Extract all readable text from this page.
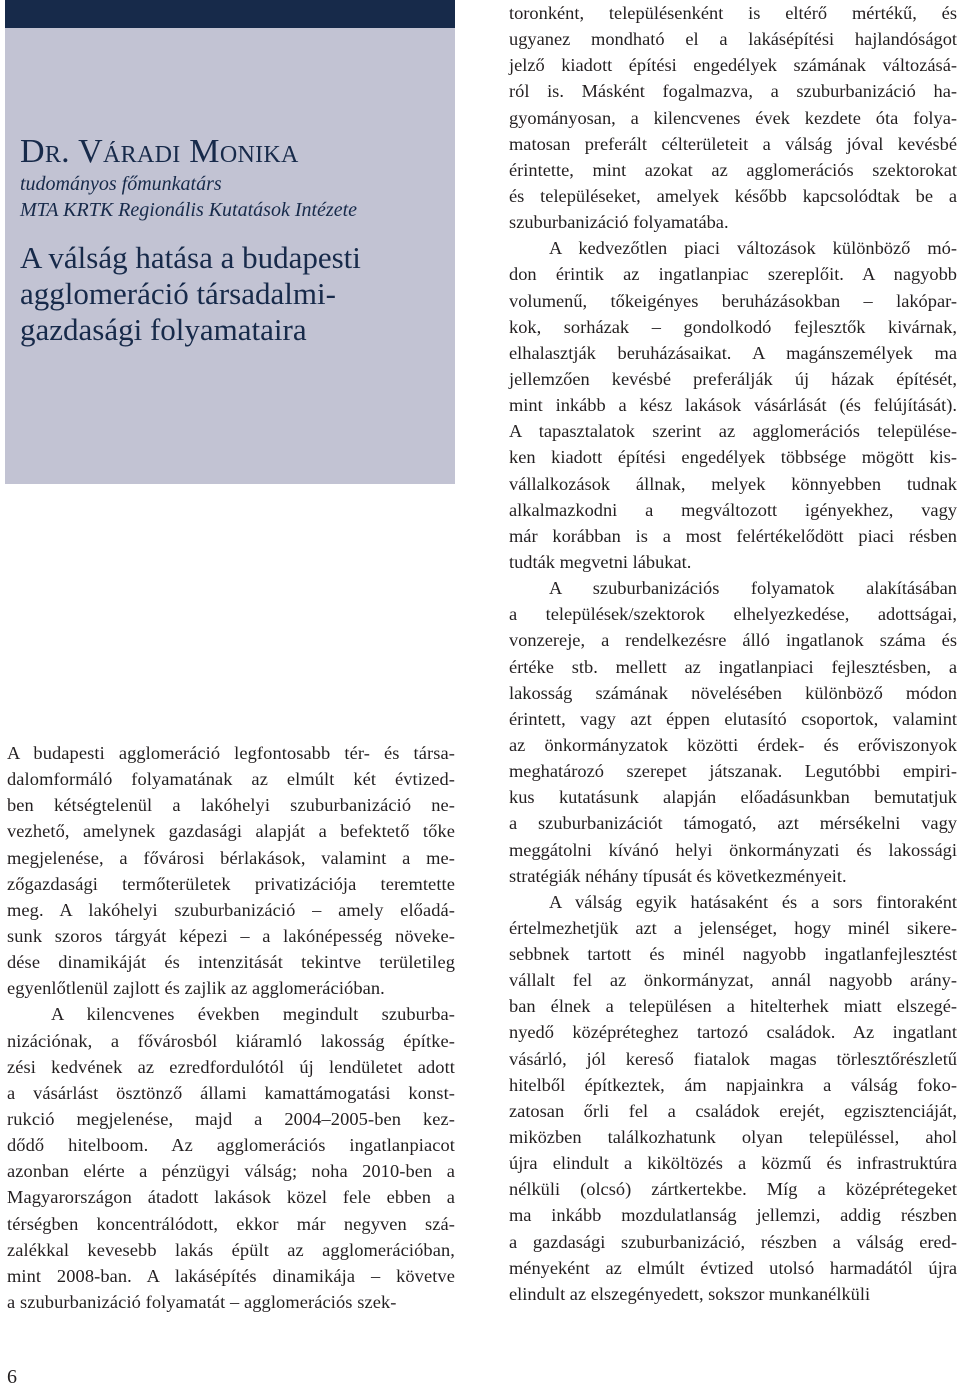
Dr. Váradi Monika
tudományos főmunkatárs
MTA KRTK Regionális Kutatások Intézete
A válság hatása a budapesti
agglomeráció társadalmi-
gazdasági folyamataira
A budapesti agglomeráció legfontosabb tér- és társa-
dalomformáló folyamatának az elmúlt két évtized-
ben kétségtelenül a lakóhelyi szuburbanizáció ne-
vezhető, amelynek gazdasági alapját a befektető tőke
megjelenése, a fővárosi bérlakások, valamint a me-
zőgazdasági termőterületek privatizációja teremtette
meg. A lakóhelyi szuburbanizáció – amely előadá-
sunk szoros tárgyát képezi – a lakónépesség növeke-
dése dinamikáját és intenzitását tekintve területileg
egyenlőtlenül zajlott és zajlik az agglomerációban.
A kilencvenes években megindult szuburba-
nizációnak, a fővárosból kiáramló lakosság építke-
zési kedvének az ezredfordulótól új lendületet adott
a vásárlást ösztönző állami kamattámogatási konst-
rukció megjelenése, majd a 2004–2005-ben kez-
dődő hitelboom. Az agglomerációs ingatlanpiacot
azonban elérte a pénzügyi válság; noha 2010-ben a
Magyarországon átadott lakások közel fele ebben a
térségben koncentrálódott, ekkor már negyven szá-
zalékkal kevesebb lakás épült az agglomerációban,
mint 2008-ban. A lakásépítés dinamikája – követve
a szuburbanizáció folyamatát – agglomerációs szek-
toronként, településenként is eltérő mértékű, és
ugyanez mondható el a lakásépítési hajlandóságot
jelző kiadott építési engedélyek számának változásá-
ról is. Másként fogalmazva, a szuburbanizáció ha-
gyományosan, a kilencvenes évek kezdete óta folya-
matosan preferált célterületeit a válság jóval kevésbé
érintette, mint azokat az agglomerációs szektorokat
és településeket, amelyek később kapcsolódtak be a
szuburbanizáció folyamatába.
A kedvezőtlen piaci változások különböző mó-
don érintik az ingatlanpiac szereplőit. A nagyobb
volumenű, tőkeigényes beruházásokban – lakópar-
kok, sorházak – gondolkodó fejlesztők kivárnak,
elhalasztják beruházásaikat. A magánszemélyek ma
jellemzően kevésbé preferálják új házak építését,
mint inkább a kész lakások vásárlását (és felújítását).
A tapasztalatok szerint az agglomerációs települése-
ken kiadott építési engedélyek többsége mögött kis-
vállalkozások állnak, melyek könnyebben tudnak
alkalmazkodni a megváltozott igényekhez, vagy
már korábban is a most felértékelődött piaci résben
tudták megvetni lábukat.
A szuburbanizációs folyamatok alakításában
a települések/szektorok elhelyezkedése, adottságai,
vonzereje, a rendelkezésre álló ingatlanok száma és
értéke stb. mellett az ingatlanpiaci fejlesztésben, a
lakosság számának növelésében különböző módon
érintett, vagy azt éppen elutasító csoportok, valamint
az önkormányzatok közötti érdek- és erőviszonyok
meghatározó szerepet játszanak. Legutóbbi empiri-
kus kutatásunk alapján előadásunkban bemutatjuk
a szuburbanizációt támogató, azt mérsékelni vagy
meggátolni kívánó helyi önkormányzati és lakossági
stratégiák néhány típusát és következményeit.
A válság egyik hatásaként és a sors fintoraként
értelmezhetjük azt a jelenséget, hogy minél sikere-
sebbnek tartott és minél nagyobb ingatlanfejlesztést
vállalt fel az önkormányzat, annál nagyobb arány-
ban élnek a településen a hitelterhek miatt elszegé-
nyedő középréteghez tartozó családok. Az ingatlant
vásárló, jól kereső fiatalok magas törlesztőrészletű
hitelből építkeztek, ám napjainkra a válság foko-
zatosan őrli fel a családok erejét, egzisztenciáját,
miközben találkozhatunk olyan településsel, ahol
újra elindult a kiköltözés a közmű és infrastruktúra
nélküli (olcsó) zártkertekbe. Míg a középrétegeket
ma inkább mozdulatlanság jellemzi, addig részben
a gazdasági szuburbanizáció, részben a válság ered-
ményeként az elmúlt évtized utolsó harmadától újra
elindult az elszegényedett, sokszor munkanélküli
6
